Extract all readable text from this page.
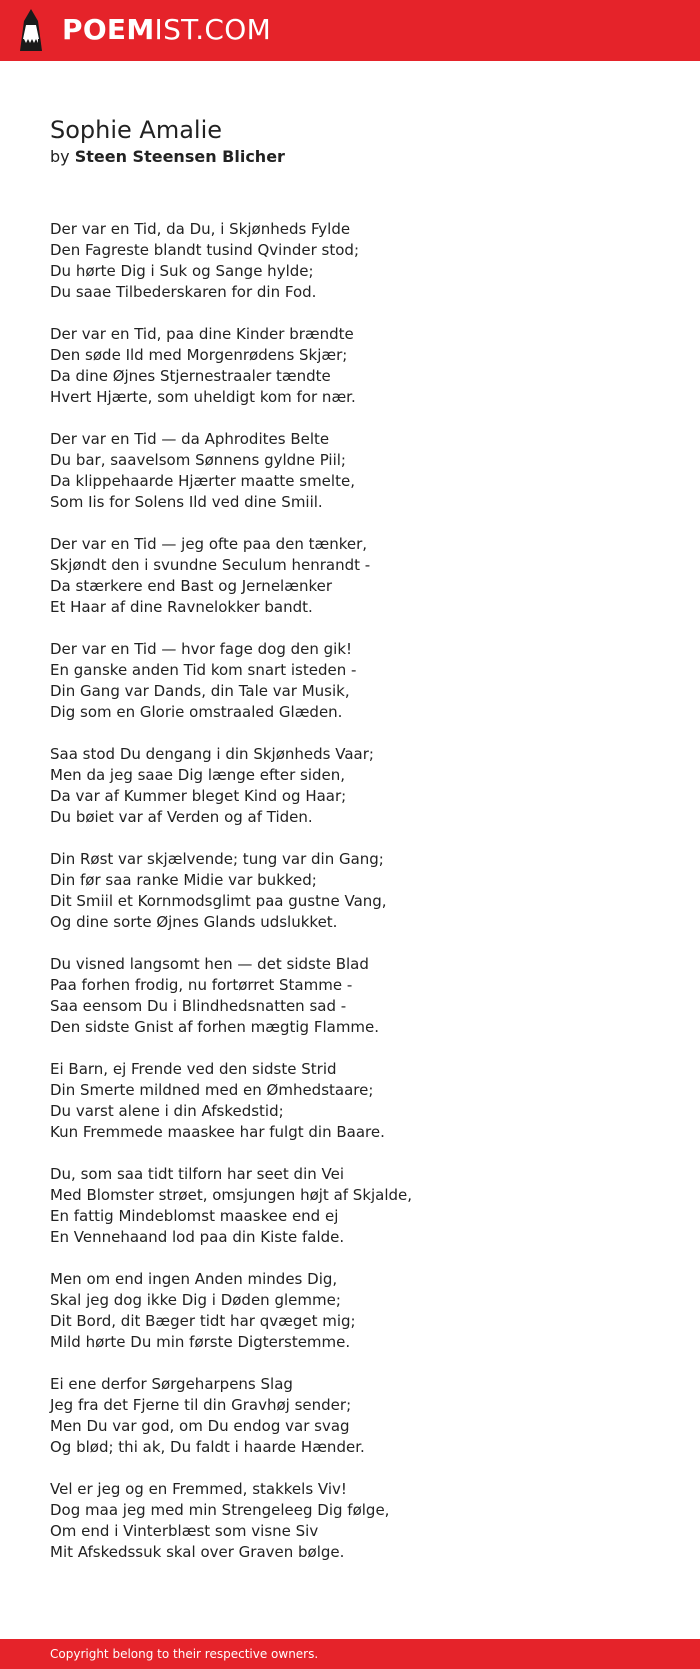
POEMIST.COM
Sophie Amalie

by Steen Steensen Blicher

Der var en Tid, da Du, i Skjønheds Fylde
Den Fagreste blandt tusind Qvinder stod;
Du hørte Dig i Suk og Sange hylde;
Du saae Tilbederskaren for din Fod.

Der var en Tid, paa dine Kinder brændte
Den søde Ild med Morgenrødens Skjær;
Da dine Øjnes Stjernestraaler tændte
Hvert Hjærte, som uheldigt kom for nær.

Der var en Tid — da Aphrodites Belte
Du bar, saavelsom Sønnens gyldne Piil;
Da klippehaarde Hjærter maatte smelte,
Som Iis for Solens Ild ved dine Smiil.

Der var en Tid — jeg ofte paa den tænker,
Skjøndt den i svundne Seculum henrandt -
Da stærkere end Bast og Jernelænker
Et Haar af dine Ravnelokker bandt.

Der var en Tid — hvor fage dog den gik!
En ganske anden Tid kom snart isteden -
Din Gang var Dands, din Tale var Musik,
Dig som en Glorie omstraaled Glæden.

Saa stod Du dengang i din Skjønheds Vaar;
Men da jeg saae Dig længe efter siden,
Da var af Kummer bleget Kind og Haar;
Du bøiet var af Verden og af Tiden.

Din Røst var skjælvende; tung var din Gang;
Din før saa ranke Midie var bukked;
Dit Smiil et Kornmodsglimt paa gustne Vang,
Og dine sorte Øjnes Glands udslukket.

Du visned langsomt hen — det sidste Blad
Paa forhen frodig, nu fortørret Stamme -
Saa eensom Du i Blindhedsnatten sad -
Den sidste Gnist af forhen mægtig Flamme.

Ei Barn, ej Frende ved den sidste Strid
Din Smerte mildned med en Ømhedstaare;
Du varst alene i din Afskedstid;
Kun Fremmede maaskee har fulgt din Baare.

Du, som saa tidt tilforn har seet din Vei
Med Blomster strøet, omsjungen højt af Skjalde,
En fattig Mindeblomst maaskee end ej
En Vennehaand lod paa din Kiste falde.

Men om end ingen Anden mindes Dig,
Skal jeg dog ikke Dig i Døden glemme;
Dit Bord, dit Bæger tidt har qvæget mig;
Mild hørte Du min første Digterstemme.

Ei ene derfor Sørgeharpens Slag
Jeg fra det Fjerne til din Gravhøj sender;
Men Du var god, om Du endog var svag
Og blød; thi ak, Du faldt i haarde Hænder.

Vel er jeg og en Fremmed, stakkels Viv!
Dog maa jeg med min Strengeleeg Dig følge,
Om end i Vinterblæst som visne Siv
Mit Afskedssuk skal over Graven bølge.

Copyright belong to their respective owners.
